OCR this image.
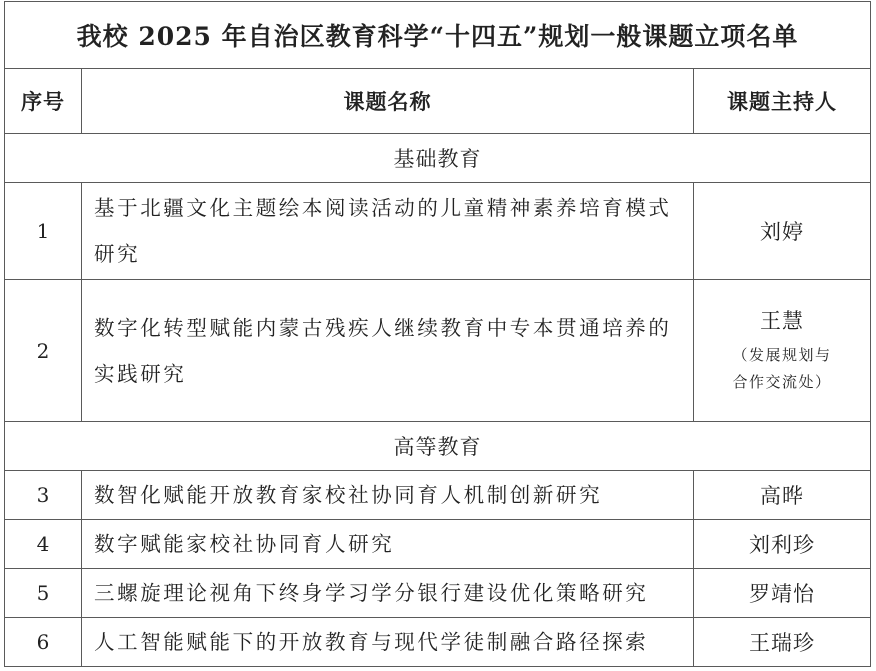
我校 2025 年自治区教育科学“十四五”规划一般课题立项名单		
序号	课题名称	课题主持人
基础教育		
1	基于北疆文化主题绘本阅读活动的儿童精神素养培育模式研究	刘婷
2	数字化转型赋能内蒙古残疾人继续教育中专本贯通培养的实践研究	王慧
（发展规划与
合作交流处）

高等教育		
3	数智化赋能开放教育家校社协同育人机制创新研究	高晔
4	数字赋能家校社协同育人研究	刘利珍
5	三螺旋理论视角下终身学习学分银行建设优化策略研究	罗靖怡
6	人工智能赋能下的开放教育与现代学徒制融合路径探索	王瑞珍
